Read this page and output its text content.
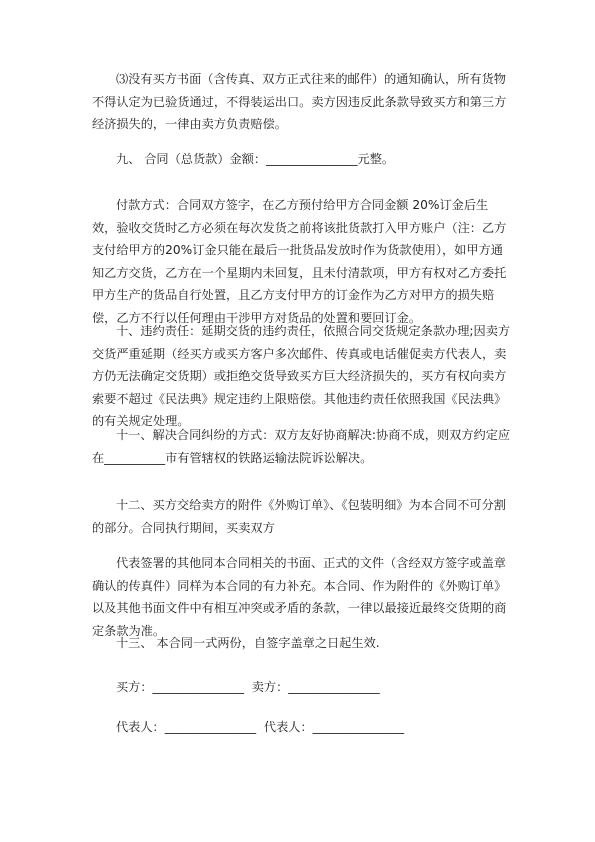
⑶没有买方书面（含传真、双方正式往来的邮件）的通知确认，所有货物不得认定为已验货通过，不得装运出口。卖方因违反此条款导致买方和第三方经济损失的，一律由卖方负责赔偿。
九、 合同（总货款）金额：_______________元整。
付款方式：合同双方签字，在乙方预付给甲方合同金额 20%订金后生效，验收交货时乙方必须在每次发货之前将该批货款打入甲方账户（注：乙方支付给甲方的20%订金只能在最后一批货品发放时作为货款使用），如甲方通知乙方交货，乙方在一个星期内未回复，且未付清款项，甲方有权对乙方委托甲方生产的货品自行处置，且乙方支付甲方的订金作为乙方对甲方的损失赔偿，乙方不行以任何理由干涉甲方对货品的处置和要回订金。
十、违约责任：延期交货的违约责任，依照合同交货规定条款办理;因卖方交货严重延期（经买方或买方客户多次邮件、传真或电话催促卖方代表人，卖方仍无法确定交货期）或拒绝交货导致买方巨大经济损失的，买方有权向卖方索要不超过《民法典》规定违约上限赔偿。其他违约责任依照我国《民法典》的有关规定处理。
十一、解决合同纠纷的方式：双方友好协商解决:协商不成，则双方约定应在__________市有管辖权的铁路运输法院诉讼解决。
十二、买方交给卖方的附件《外购订单》、《包装明细》为本合同不可分割的部分。合同执行期间，买卖双方
代表签署的其他同本合同相关的书面、正式的文件（含经双方签字或盖章确认的传真件）同样为本合同的有力补充。本合同、作为附件的《外购订单》以及其他书面文件中有相互冲突或矛盾的条款，一律以最接近最终交货期的商定条款为准。
十三、 本合同一式两份，自签字盖章之日起生效.
买方：_______________  卖方：_______________
代表人：_______________  代表人：_______________
